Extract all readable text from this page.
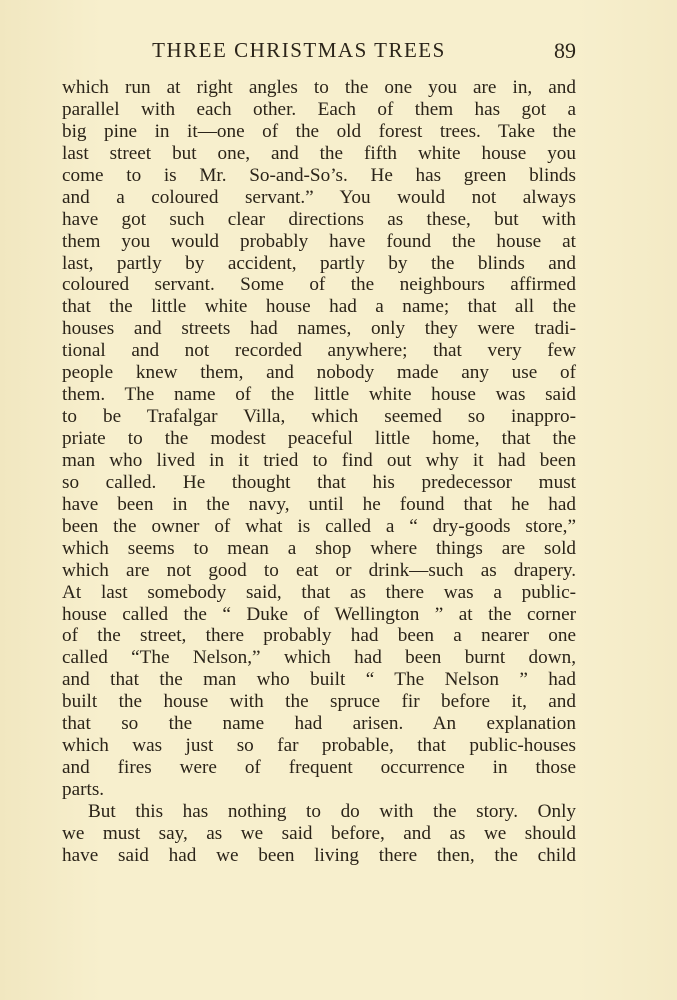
THREE CHRISTMAS TREES	89
which run at right angles to the one you are in, and
parallel with each other. Each of them has got a
big pine in it—one of the old forest trees. Take the
last street but one, and the fifth white house you
come to is Mr. So-and-So’s. He has green blinds
and a coloured servant.” You would not always
have got such clear directions as these, but with
them you would probably have found the house at
last, partly by accident, partly by the blinds and
coloured servant. Some of the neighbours affirmed
that the little white house had a name; that all the
houses and streets had names, only they were tradi-
tional and not recorded anywhere; that very few
people knew them, and nobody made any use of
them. The name of the little white house was said
to be Trafalgar Villa, which seemed so inappro-
priate to the modest peaceful little home, that the
man who lived in it tried to find out why it had been
so called. He thought that his predecessor must
have been in the navy, until he found that he had
been the owner of what is called a “ dry-goods store,”
which seems to mean a shop where things are sold
which are not good to eat or drink—such as drapery.
At last somebody said, that as there was a public-
house called the “ Duke of Wellington ” at the corner
of the street, there probably had been a nearer one
called “The Nelson,” which had been burnt down,
and that the man who built “ The Nelson ” had
built the house with the spruce fir before it, and
that so the name had arisen. An explanation
which was just so far probable, that public-houses
and fires were of frequent occurrence in those
parts.
But this has nothing to do with the story. Only
we must say, as we said before, and as we should
have said had we been living there then, the child
